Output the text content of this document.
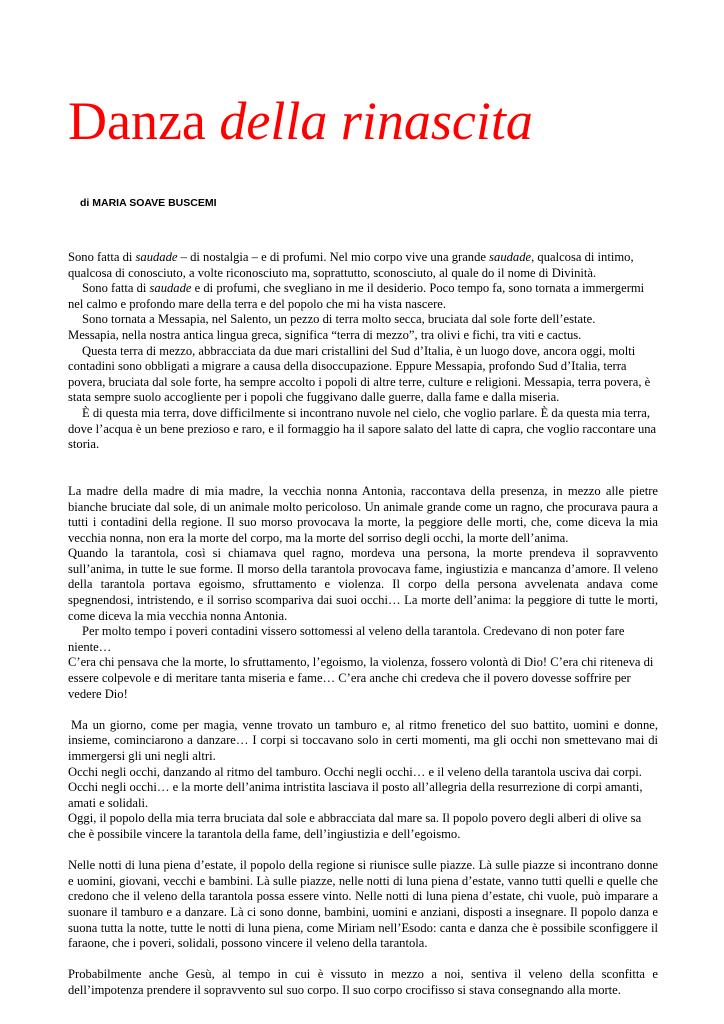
Danza della rinascita
di MARIA SOAVE BUSCEMI

Sono fatta di saudade – di nostalgia – e di profumi. Nel mio corpo vive una grande saudade, qualcosa di intimo, qualcosa di conosciuto, a volte riconosciuto ma, soprattutto, sconosciuto, al quale do il nome di Divinità.

Sono fatta di saudade e di profumi, che svegliano in me il desiderio. Poco tempo fa, sono tornata a immergermi nel calmo e profondo mare della terra e del popolo che mi ha vista nascere.

Sono tornata a Messapia, nel Salento, un pezzo di terra molto secca, bruciata dal sole forte dell’estate.

Messapia, nella nostra antica lingua greca, significa “terra di mezzo”, tra olivi e fichi, tra viti e cactus.

Questa terra di mezzo, abbracciata da due mari cristallini del Sud d’Italia, è un luogo dove, ancora oggi, molti contadini sono obbligati a migrare a causa della disoccupazione. Eppure Messapia, profondo Sud d’Italia, terra povera, bruciata dal sole forte, ha sempre accolto i popoli di altre terre, culture e religioni. Messapia, terra povera, è stata sempre suolo accogliente per i popoli che fuggivano dalle guerre, dalla fame e dalla miseria.

È di questa mia terra, dove difficilmente si incontrano nuvole nel cielo, che voglio parlare. È da questa mia terra, dove l’acqua è un bene prezioso e raro, e il formaggio ha il sapore salato del latte di capra, che voglio raccontare una storia.

La madre della madre di mia madre, la vecchia nonna Antonia, raccontava della presenza, in mezzo alle pietre bianche bruciate dal sole, di un animale molto pericoloso. Un animale grande come un ragno, che procurava paura a tutti i contadini della regione. Il suo morso provocava la morte, la peggiore delle morti, che, come diceva la mia vecchia nonna, non era la morte del corpo, ma la morte del sorriso degli occhi, la morte dell’anima.

Quando la tarantola, così si chiamava quel ragno, mordeva una persona, la morte prendeva il sopravvento sull’anima, in tutte le sue forme. Il morso della tarantola provocava fame, ingiustizia e mancanza d’amore. Il veleno della tarantola portava egoismo, sfruttamento e violenza. Il corpo della persona avvelenata andava come spegnendosi, intristendo, e il sorriso scompariva dai suoi occhi… La morte dell’anima: la peggiore di tutte le morti, come diceva la mia vecchia nonna Antonia.

Per molto tempo i poveri contadini vissero sottomessi al veleno della tarantola. Credevano di non poter fare niente…

C’era chi pensava che la morte, lo sfruttamento, l’egoismo, la violenza, fossero volontà di Dio! C’era chi riteneva di essere colpevole e di meritare tanta miseria e fame… C’era anche chi credeva che il povero dovesse soffrire per vedere Dio!

Ma un giorno, come per magia, venne trovato un tamburo e, al ritmo frenetico del suo battito, uomini e donne, insieme, cominciarono a danzare… I corpi si toccavano solo in certi momenti, ma gli occhi non smettevano mai di immergersi gli uni negli altri.

Occhi negli occhi, danzando al ritmo del tamburo. Occhi negli occhi… e il veleno della tarantola usciva dai corpi.

Occhi negli occhi… e la morte dell’anima intristita lasciava il posto all’allegria della resurrezione di corpi amanti, amati e solidali.

Oggi, il popolo della mia terra bruciata dal sole e abbracciata dal mare sa. Il popolo povero degli alberi di olive sa che è possibile vincere la tarantola della fame, dell’ingiustizia e dell’egoismo.

Nelle notti di luna piena d’estate, il popolo della regione si riunisce sulle piazze. Là sulle piazze si incontrano donne e uomini, giovani, vecchi e bambini. Là sulle piazze, nelle notti di luna piena d’estate, vanno tutti quelli e quelle che credono che il veleno della tarantola possa essere vinto. Nelle notti di luna piena d’estate, chi vuole, può imparare a suonare il tamburo e a danzare. Là ci sono donne, bambini, uomini e anziani, disposti a insegnare. Il popolo danza e suona tutta la notte, tutte le notti di luna piena, come Miriam nell’Esodo: canta e danza che è possibile sconfiggere il faraone, che i poveri, solidali, possono vincere il veleno della tarantola.

Probabilmente anche Gesù, al tempo in cui è vissuto in mezzo a noi, sentiva il veleno della sconfitta e dell’impotenza prendere il sopravvento sul suo corpo. Il suo corpo crocifisso si stava consegnando alla morte.
